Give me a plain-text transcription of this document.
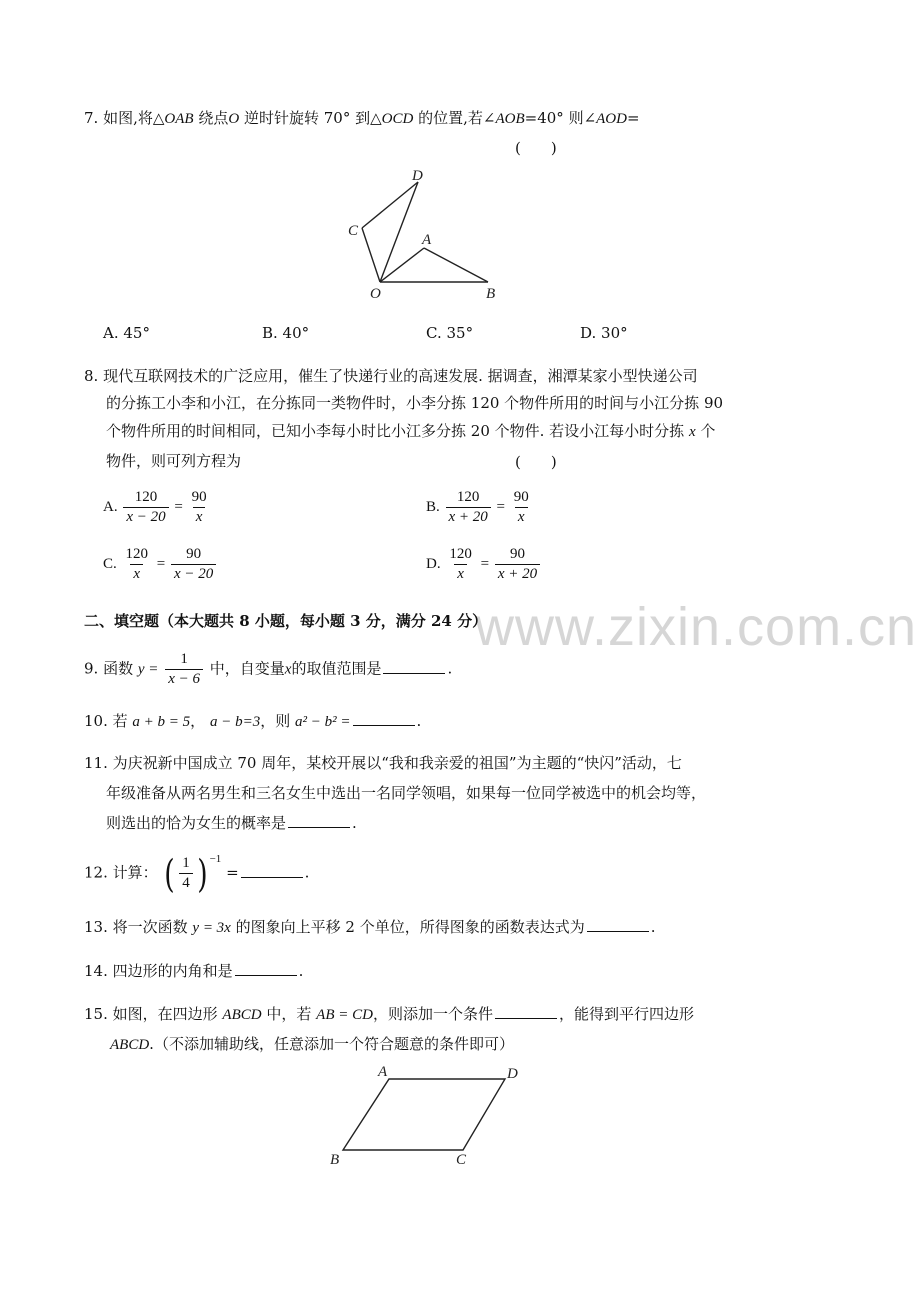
www.zixin.com.cn
7. 如图,将△OAB 绕点O 逆时针旋转 70° 到△OCD 的位置,若∠AOB=40° 则∠AOD=
(　　)
D
C
A
O	B
A. 45°	B. 40°	C. 35°	D. 30°
8. 现代互联网技术的广泛应用，催生了快递行业的高速发展. 据调查，湘潭某家小型快递公司
的分拣工小李和小江，在分拣同一类物件时，小李分拣 120 个物件所用的时间与小江分拣 90
个物件所用的时间相同，已知小李每小时比小江多分拣 20 个物件. 若设小江每小时分拣 x 个
物件，则可列方程为	(　　)
A. $\frac{120}{x - 20} = \frac{90}{x}$	B. $\frac{120}{x + 20} = \frac{90}{x}$
C. $\frac{120}{x} = \frac{90}{x - 20}$	D. $\frac{120}{x} = \frac{90}{x + 20}$
二、填空题（本大题共 8 小题，每小题 3 分，满分 24 分）
9. 函数 $y = \frac{1}{x - 6}$ 中，自变量x的取值范围是	.
10. 若 a + b = 5， a − b=3，则 a² − b² =	.
11. 为庆祝新中国成立 70 周年，某校开展以“我和我亲爱的祖国”为主题的“快闪”活动，七
年级准备从两名男生和三名女生中选出一名同学领唱，如果每一位同学被选中的机会均等，
则选出的恰为女生的概率是	.
12. 计算： ( $\frac{1}{4}$ ) $^{-1}$ =	.
13. 将一次函数 y = 3x 的图象向上平移 2 个单位，所得图象的函数表达式为	.
14. 四边形的内角和是	.
15. 如图，在四边形 ABCD 中，若 AB = CD，则添加一个条件	，能得到平行四边形
ABCD.（不添加辅助线，任意添加一个符合题意的条件即可）
A	D
B	C
